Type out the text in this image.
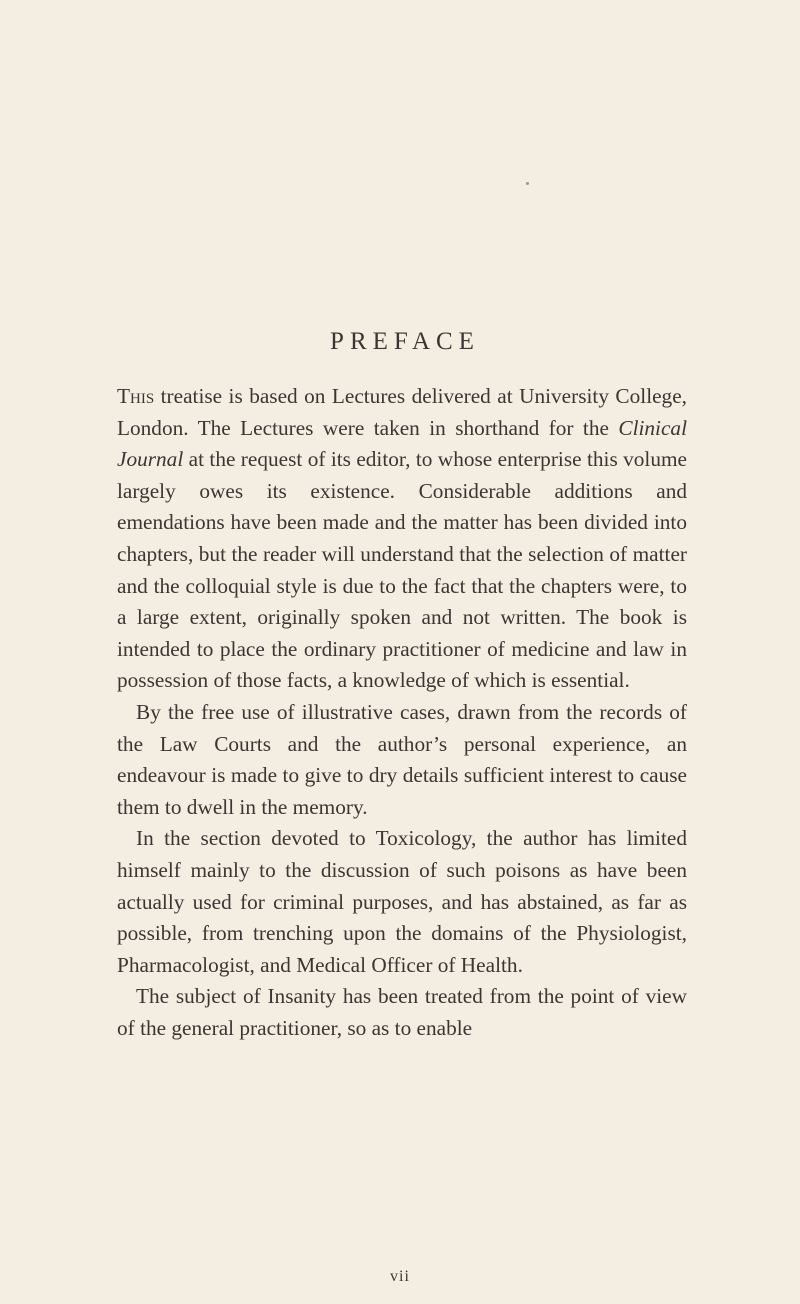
PREFACE

This treatise is based on Lectures delivered at University College, London. The Lectures were taken in shorthand for the Clinical Journal at the request of its editor, to whose enterprise this volume largely owes its existence. Considerable additions and emendations have been made and the matter has been divided into chapters, but the reader will understand that the selection of matter and the colloquial style is due to the fact that the chapters were, to a large extent, originally spoken and not written. The book is intended to place the ordinary practitioner of medicine and law in possession of those facts, a knowledge of which is essential.

By the free use of illustrative cases, drawn from the records of the Law Courts and the author’s personal experience, an endeavour is made to give to dry details sufficient interest to cause them to dwell in the memory.

In the section devoted to Toxicology, the author has limited himself mainly to the discussion of such poisons as have been actually used for criminal purposes, and has abstained, as far as possible, from trenching upon the domains of the Physiologist, Pharmacologist, and Medical Officer of Health.

The subject of Insanity has been treated from the point of view of the general practitioner, so as to enable

vii
